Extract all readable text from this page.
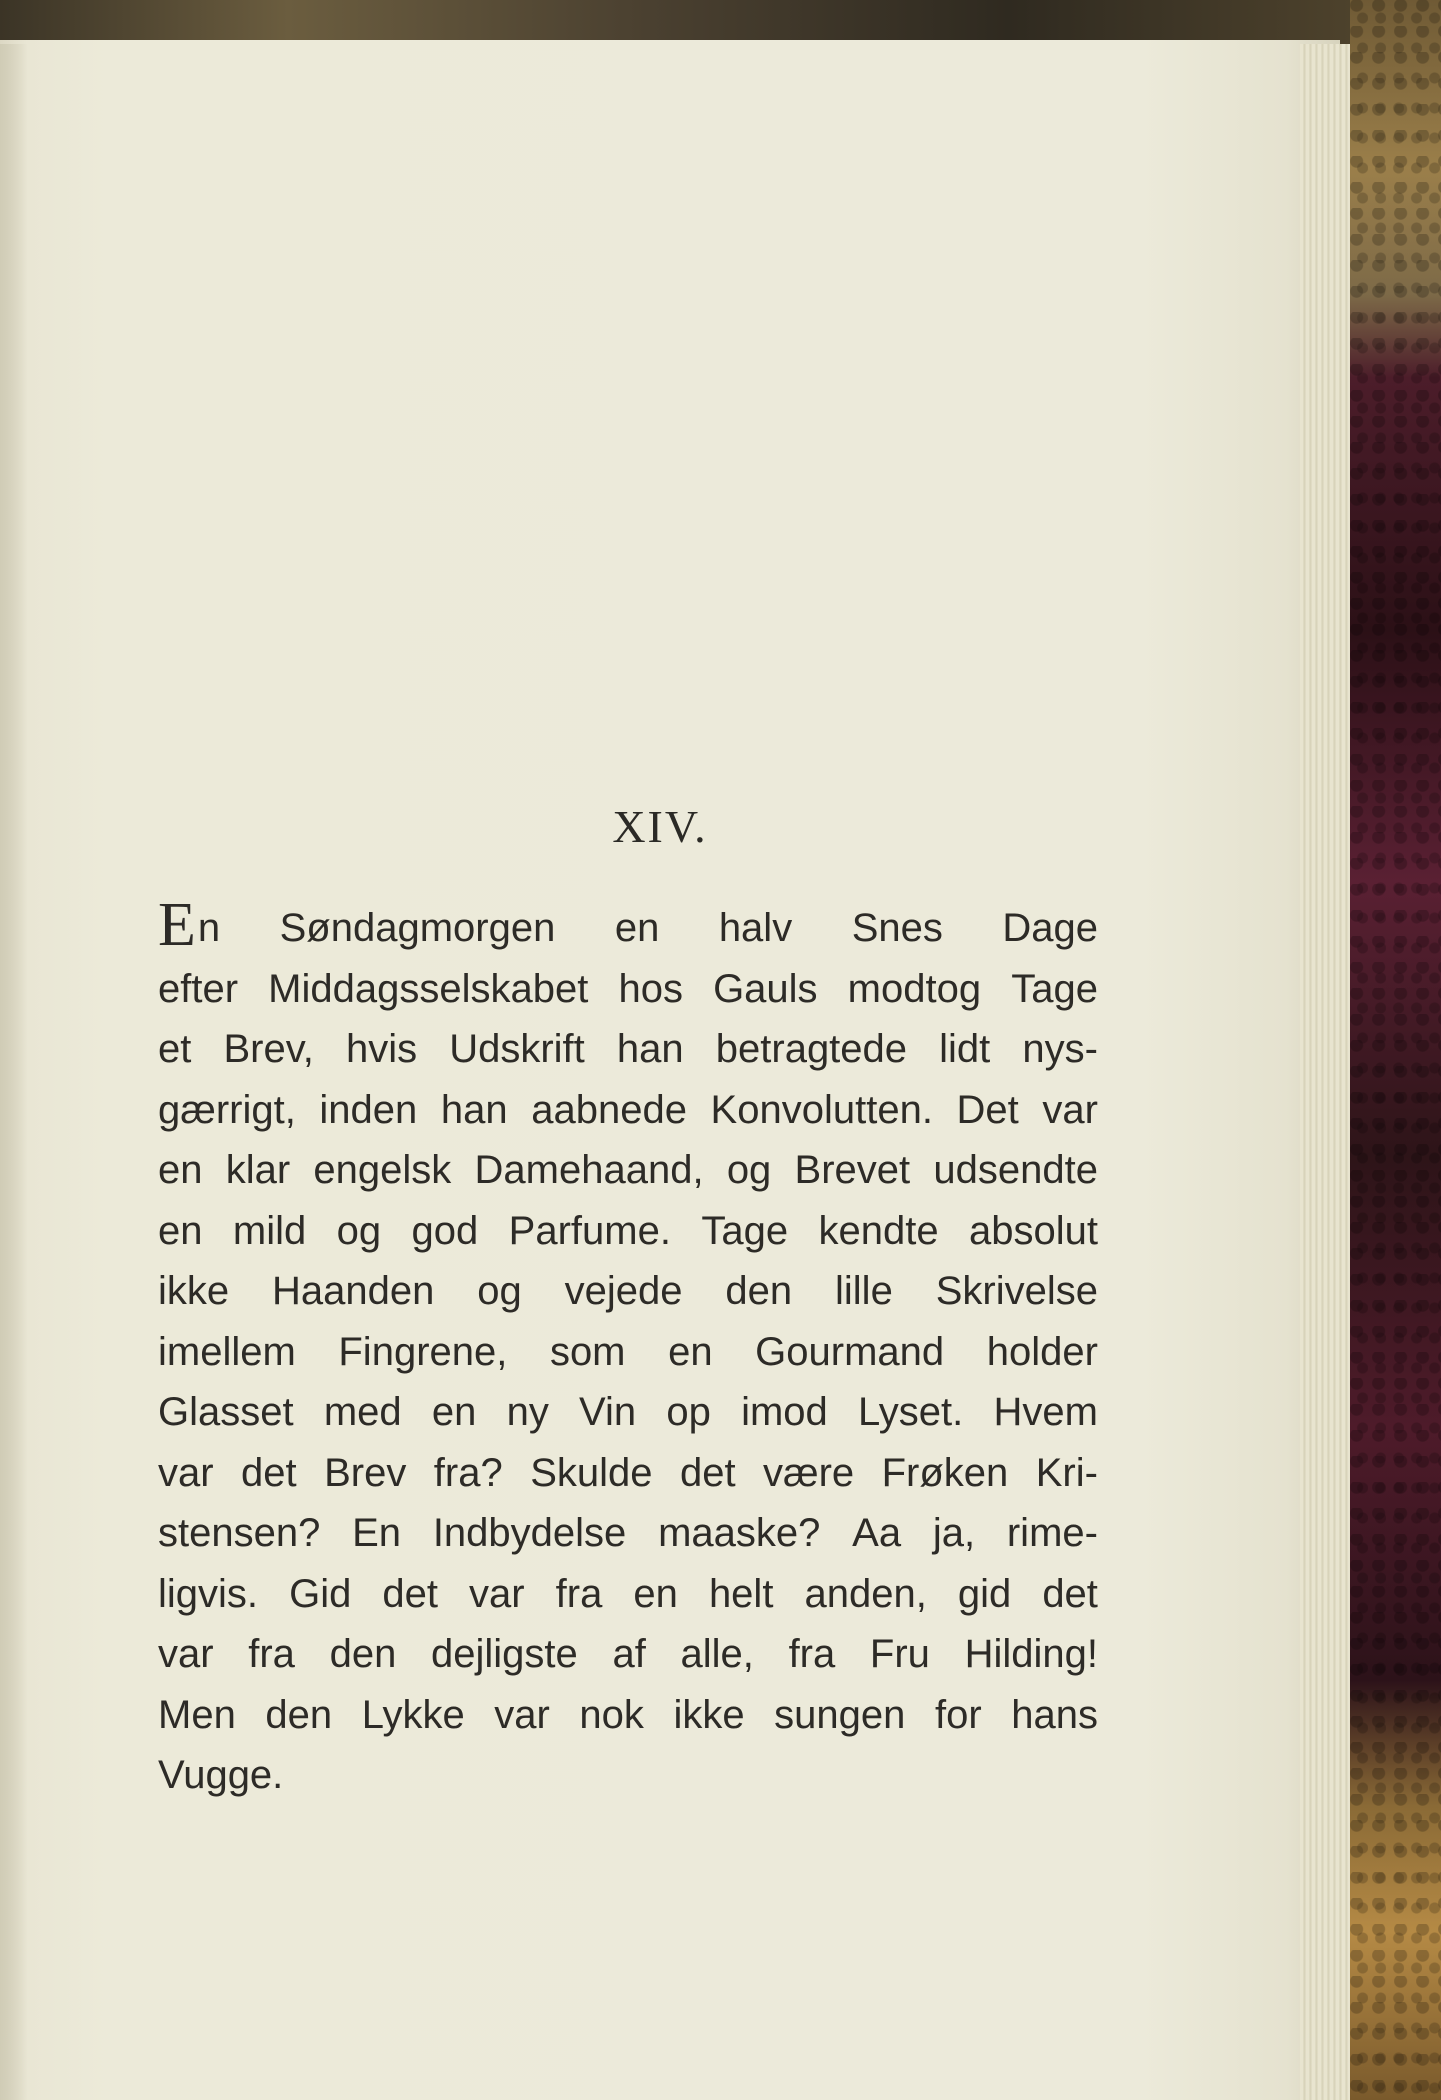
XIV.
En Søndagmorgen en halv Snes Dage
efter Middagsselskabet hos Gauls modtog Tage
et Brev, hvis Udskrift han betragtede lidt nys-
gærrigt, inden han aabnede Konvolutten. Det var
en klar engelsk Damehaand, og Brevet udsendte
en mild og god Parfume. Tage kendte absolut
ikke Haanden og vejede den lille Skrivelse
imellem Fingrene, som en Gourmand holder
Glasset med en ny Vin op imod Lyset. Hvem
var det Brev fra? Skulde det være Frøken Kri-
stensen? En Indbydelse maaske? Aa ja, rime-
ligvis. Gid det var fra en helt anden, gid det
var fra den dejligste af alle, fra Fru Hilding!
Men den Lykke var nok ikke sungen for hans
Vugge.
